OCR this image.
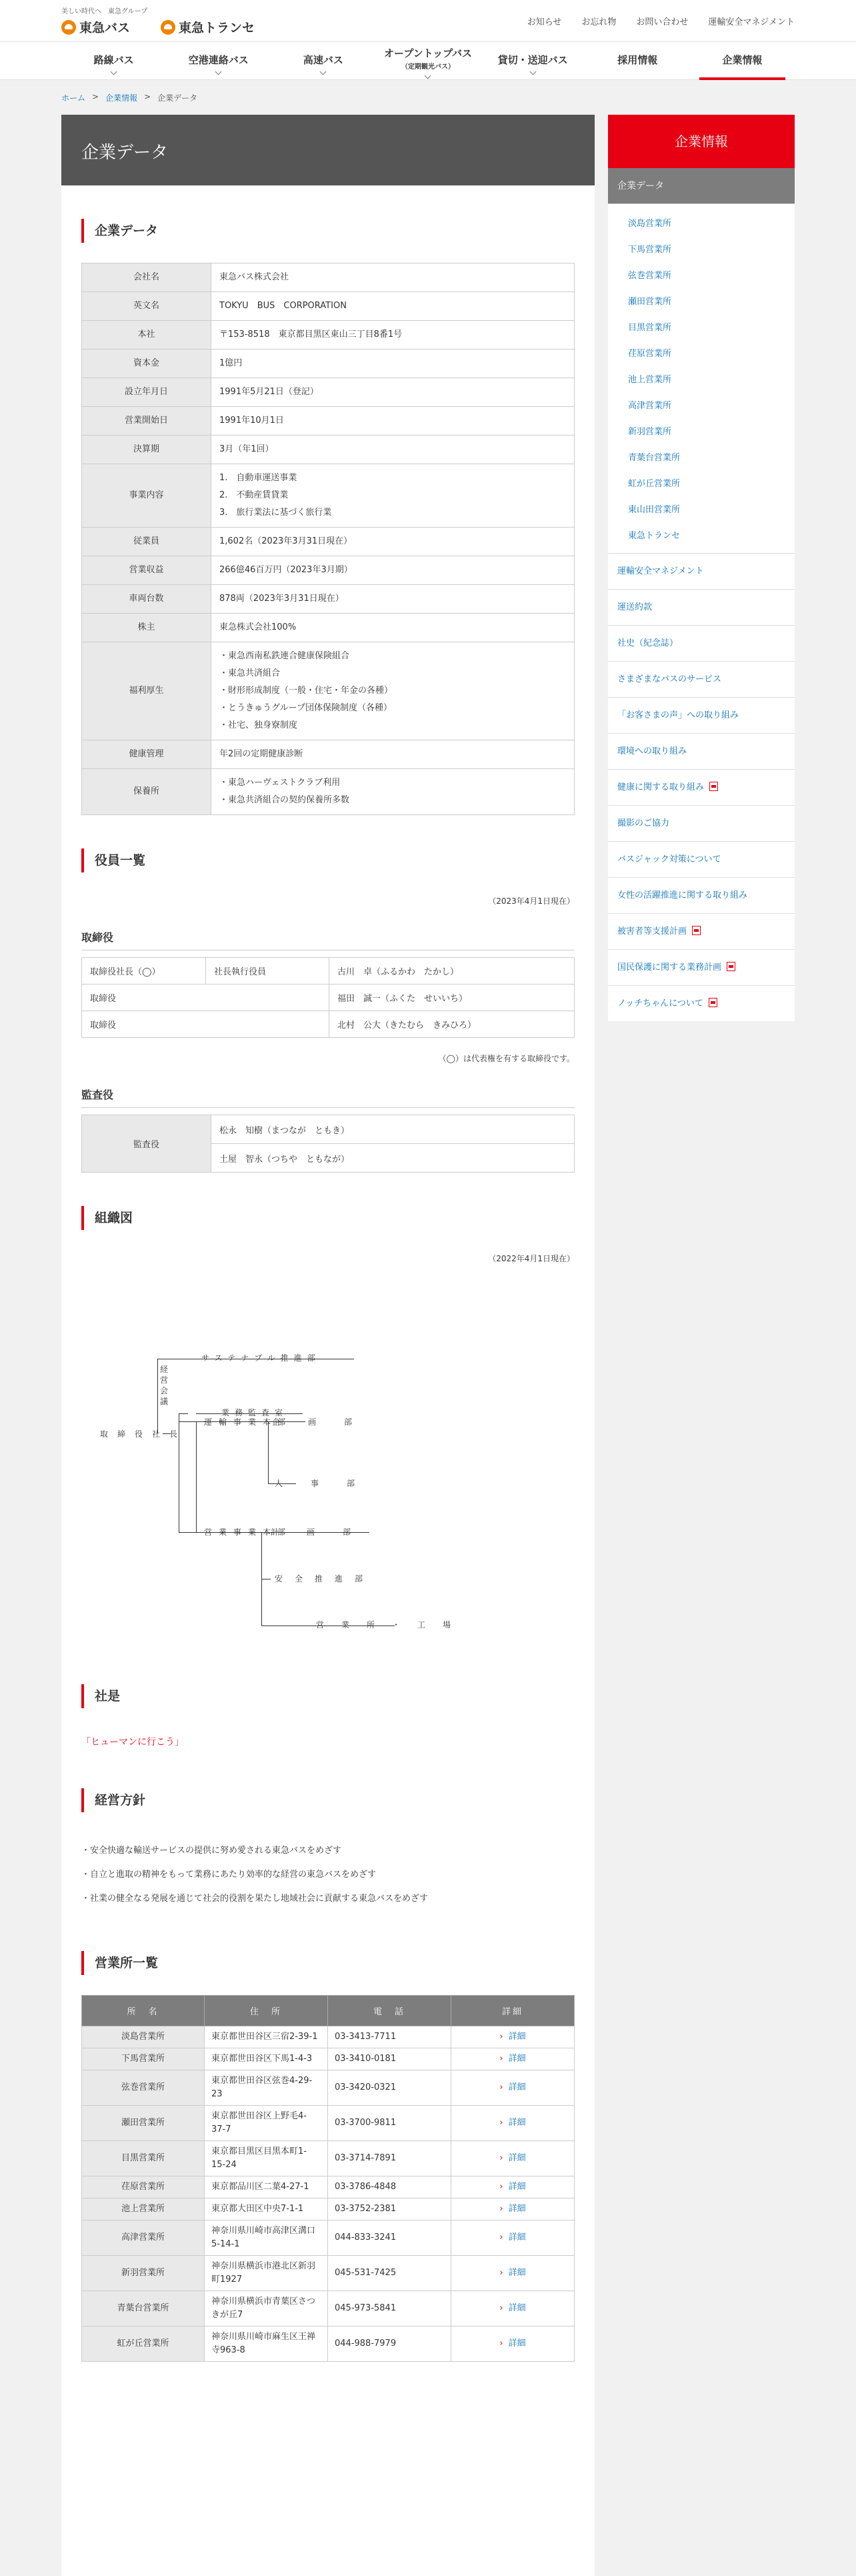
美しい時代へ　東急グループ
東急バス	東急トランセ	お知らせ お忘れ物 お問い合わせ 運輸安全マネジメント
路線バス	空港連絡バス	高速バス
オープントップバス
（定期観光バス）
貸切・送迎バス	採用情報	企業情報
ホーム > 企業情報 > 企業データ
企業データ
企業データ
会社名	東急バス株式会社

英文名	TOKYU　BUS　CORPORATION

本社	〒153-8518　東京都目黒区東山三丁目8番1号

資本金	1億円

設立年月日	1991年5月21日（登記）

営業開始日	1991年10月1日

決算期	3月（年1回）

事業内容	1.　自動車運送事業
2.　不動産賃貸業
3.　旅行業法に基づく旅行業

従業員	1,602名（2023年3月31日現在）

営業収益	266億46百万円（2023年3月期）

車両台数	878両（2023年3月31日現在）

株主	東急株式会社100%

福利厚生	・東急西南私鉄連合健康保険組合
・東急共済組合
・財形形成制度（一般・住宅・年金の各種）
・とうきゅうグループ団体保険制度（各種）
・社宅、独身寮制度

健康管理	年2回の定期健康診断

保養所	・東急ハーヴェストクラブ利用
・東急共済組合の契約保養所多数
役員一覧
（2023年4月1日現在）
取締役
取締役社長（◯）	社長執行役員	古川　卓（ふるかわ　たかし）
取締役		福田　誠一（ふくた　せいいち）
取締役		北村　公大（きたむら　きみひろ）
（◯）は代表権を有する取締役です。
監査役
監査役	松永　知樹（まつなが　ともき）
土屋　智永（つちや　ともなが）
組織図
（2022年4月1日現在）
取締役社長
サステナブル推進部
業務監査室
運輸事業本部
企画部
人事部
営業事業本部
計画部
安全推進部
営業所・工場
経営会議
社是
「ヒューマンに行こう」
経営方針
・安全快適な輸送サービスの提供に努め愛される東急バスをめざす
・自立と進取の精神をもって業務にあたり効率的な経営の東急バスをめざす
・社業の健全なる発展を通じて社会的役割を果たし地域社会に貢献する東急バスをめざす
営業所一覧
所　名	住　所	電　話	詳細
淡島営業所	東京都世田谷区三宿2-39-1	03-3413-7711	› 詳細
下馬営業所	東京都世田谷区下馬1-4-3	03-3410-0181	› 詳細
弦巻営業所	東京都世田谷区弦巻4-29-23	03-3420-0321	› 詳細
瀬田営業所	東京都世田谷区上野毛4-37-7	03-3700-9811	› 詳細
目黒営業所	東京都目黒区目黒本町1-15-24	03-3714-7891	› 詳細
荏原営業所	東京都品川区二葉4-27-1	03-3786-4848	› 詳細
池上営業所	東京都大田区中央7-1-1	03-3752-2381	› 詳細
高津営業所	神奈川県川崎市高津区溝口5-14-1	044-833-3241	› 詳細
新羽営業所	神奈川県横浜市港北区新羽町1927	045-531-7425	› 詳細
青葉台営業所	神奈川県横浜市青葉区さつきが丘7	045-973-5841	› 詳細
虹が丘営業所	神奈川県川崎市麻生区王禅寺963-8	044-988-7979	› 詳細
企業情報
企業データ
淡島営業所
下馬営業所
弦巻営業所
瀬田営業所
目黒営業所
荏原営業所
池上営業所
高津営業所
新羽営業所
青葉台営業所
虹が丘営業所
東山田営業所
東急トランセ
運輸安全マネジメント
運送約款
社史（紀念誌）
さまざまなバスのサービス
「お客さまの声」への取り組み
環境への取り組み
健康に関する取り組み
撮影のご協力
バスジャック対策について
女性の活躍推進に関する取り組み
被害者等支援計画
国民保護に関する業務計画
ノッチちゃんについて
